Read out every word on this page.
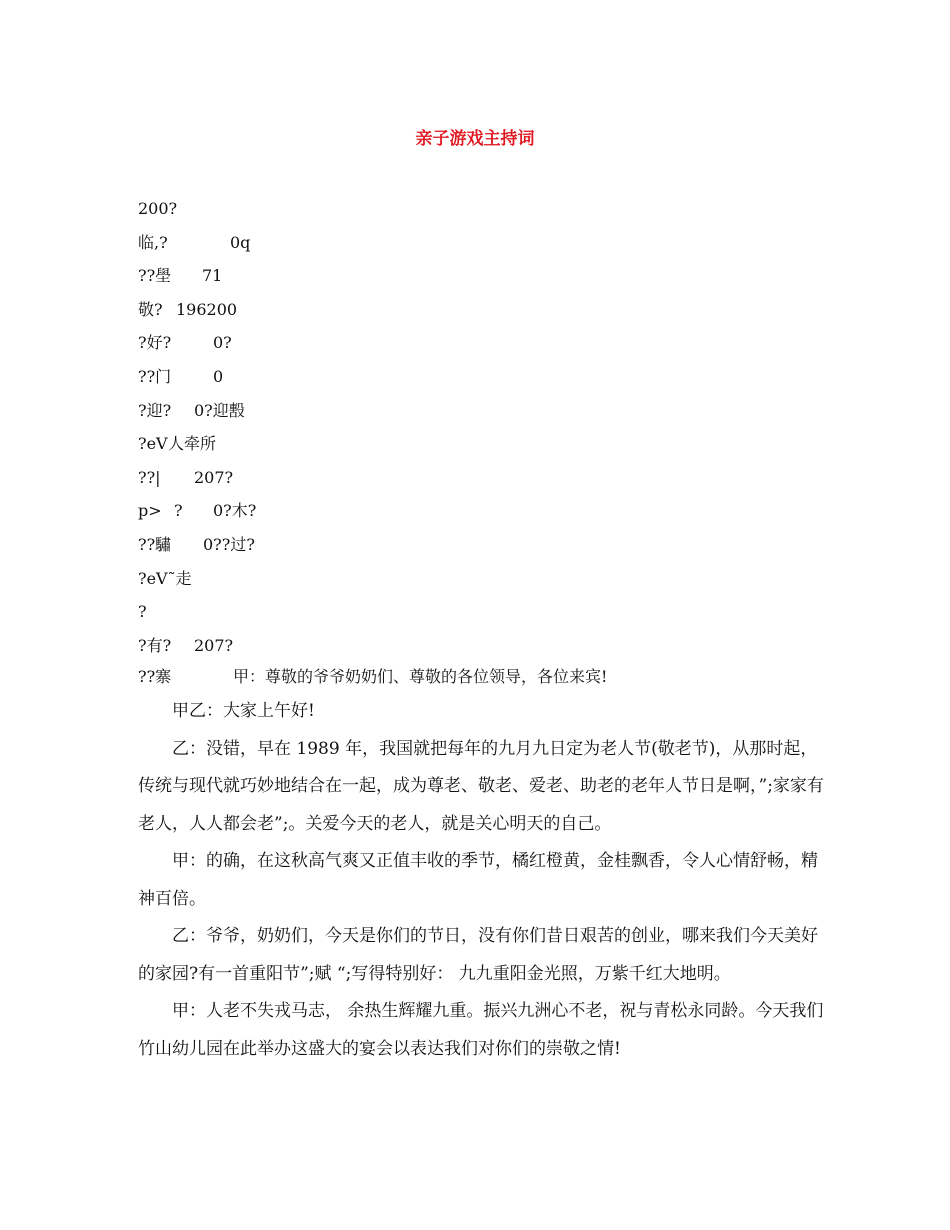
亲子游戏主持词
200?
临,?	0q
??壆 71
敬? 196200
?好?	0?
??门	0
?迎? 0?迎毄
?eV 人牵所
??| 207?
p> ? 0?木?
??驌 0??过?
?eV˜走
?
?有? 207?
??寨	甲：尊敬的爷爷奶奶们、尊敬的各位领导，各位来宾!

甲乙：大家上午好!

乙：没错，早在 1989 年，我国就把每年的九月九日定为老人节(敬老节)，从那时起，传统与现代就巧妙地结合在一起，成为尊老、敬老、爱老、助老的老年人节日是啊，”;家家有老人，人人都会老”;。关爱今天的老人，就是关心明天的自己。

甲：的确，在这秋高气爽又正值丰收的季节，橘红橙黄，金桂飘香，令人心情舒畅，精神百倍。

乙：爷爷，奶奶们，今天是你们的节日，没有你们昔日艰苦的创业，哪来我们今天美好的家园?有一首重阳节”;赋 “;写得特别好： 九九重阳金光照，万紫千红大地明。

甲：人老不失戎马志， 余热生辉耀九重。振兴九洲心不老，祝与青松永同龄。今天我们竹山幼儿园在此举办这盛大的宴会以表达我们对你们的崇敬之情!
